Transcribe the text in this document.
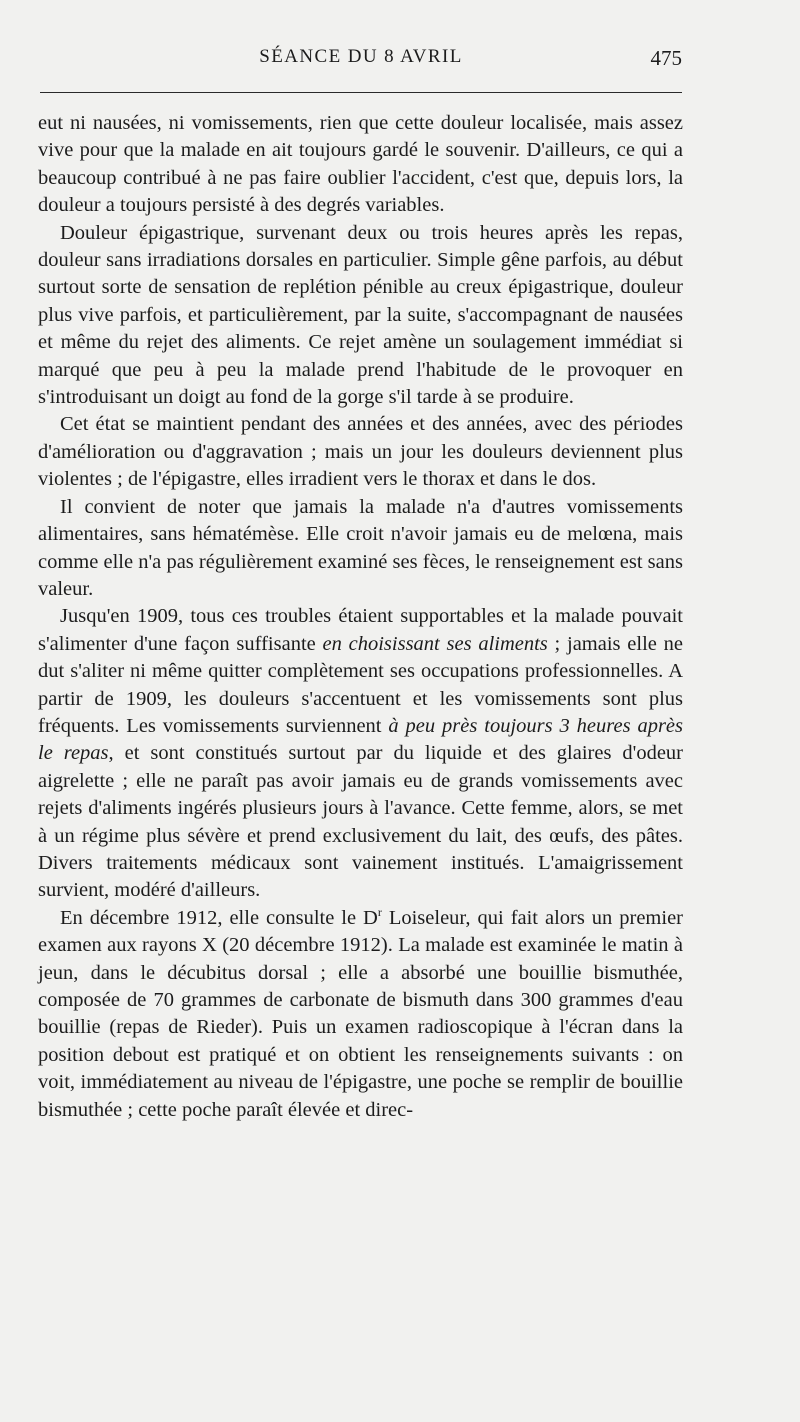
SÉANCE DU 8 AVRIL	475

eut ni nausées, ni vomissements, rien que cette douleur localisée, mais assez vive pour que la malade en ait toujours gardé le souvenir. D'ailleurs, ce qui a beaucoup contribué à ne pas faire oublier l'accident, c'est que, depuis lors, la douleur a toujours persisté à des degrés variables.

Douleur épigastrique, survenant deux ou trois heures après les repas, douleur sans irradiations dorsales en particulier. Simple gêne parfois, au début surtout sorte de sensation de replétion pénible au creux épigastrique, douleur plus vive parfois, et particulièrement, par la suite, s'accompagnant de nausées et même du rejet des aliments. Ce rejet amène un soulagement immédiat si marqué que peu à peu la malade prend l'habitude de le provoquer en s'introduisant un doigt au fond de la gorge s'il tarde à se produire.

Cet état se maintient pendant des années et des années, avec des périodes d'amélioration ou d'aggravation ; mais un jour les douleurs deviennent plus violentes ; de l'épigastre, elles irradient vers le thorax et dans le dos.

Il convient de noter que jamais la malade n'a d'autres vomissements alimentaires, sans hématémèse. Elle croit n'avoir jamais eu de melœna, mais comme elle n'a pas régulièrement examiné ses fèces, le renseignement est sans valeur.

Jusqu'en 1909, tous ces troubles étaient supportables et la malade pouvait s'alimenter d'une façon suffisante en choisissant ses aliments ; jamais elle ne dut s'aliter ni même quitter complètement ses occupations professionnelles. A partir de 1909, les douleurs s'accentuent et les vomissements sont plus fréquents. Les vomissements surviennent à peu près toujours 3 heures après le repas, et sont constitués surtout par du liquide et des glaires d'odeur aigrelette ; elle ne paraît pas avoir jamais eu de grands vomissements avec rejets d'aliments ingérés plusieurs jours à l'avance. Cette femme, alors, se met à un régime plus sévère et prend exclusivement du lait, des œufs, des pâtes. Divers traitements médicaux sont vainement institués. L'amaigrissement survient, modéré d'ailleurs.

En décembre 1912, elle consulte le $D^r$ Loiseleur, qui fait alors un premier examen aux rayons X (20 décembre 1912). La malade est examinée le matin à jeun, dans le décubitus dorsal ; elle a absorbé une bouillie bismuthée, composée de 70 grammes de carbonate de bismuth dans 300 grammes d'eau bouillie (repas de Rieder). Puis un examen radioscopique à l'écran dans la position debout est pratiqué et on obtient les renseignements suivants : on voit, immédiatement au niveau de l'épigastre, une poche se remplir de bouillie bismuthée ; cette poche paraît élevée et direc-
